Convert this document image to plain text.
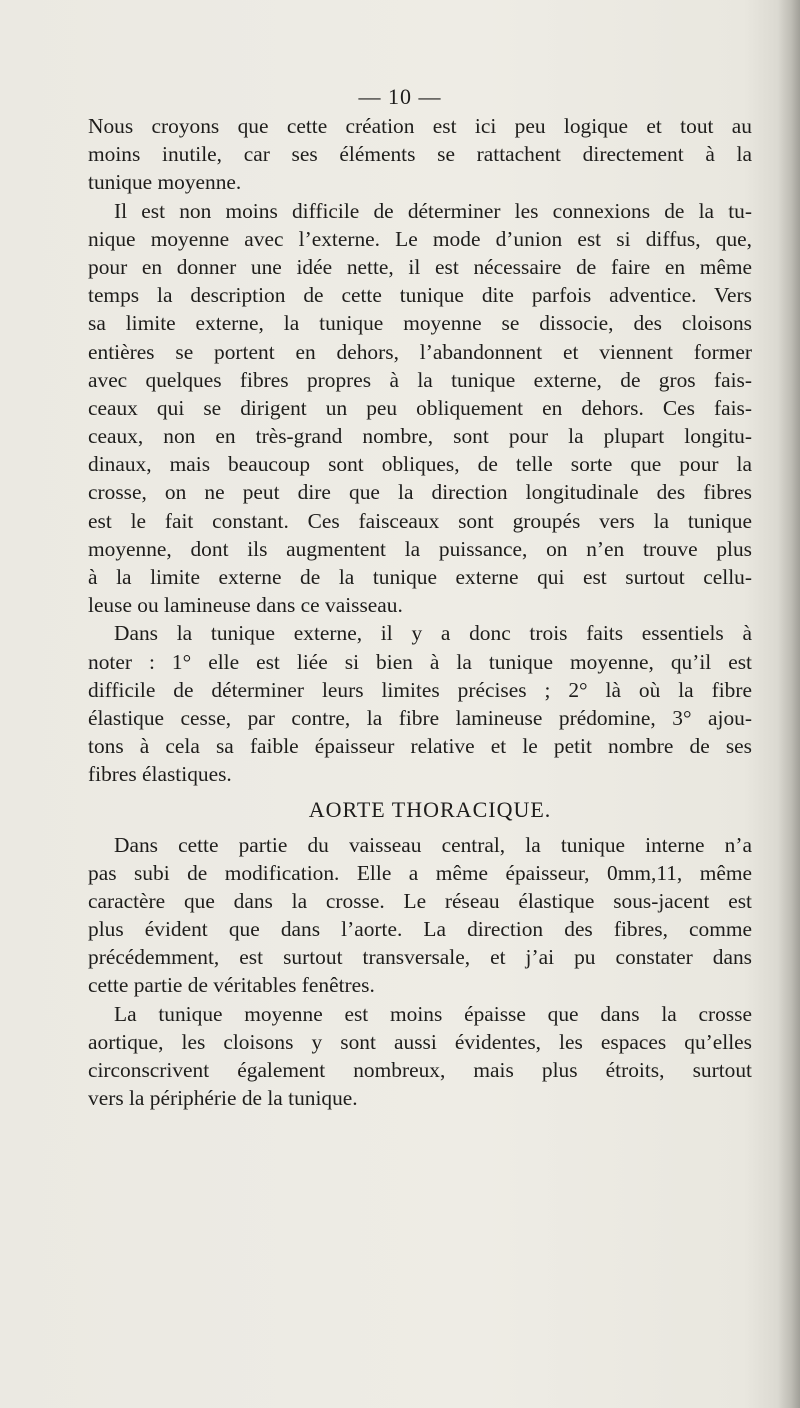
— 10 —
Nous croyons que cette création est ici peu logique et tout au
moins inutile, car ses éléments se rattachent directement à la
tunique moyenne.
Il est non moins difficile de déterminer les connexions de la tu-
nique moyenne avec l’externe. Le mode d’union est si diffus, que,
pour en donner une idée nette, il est nécessaire de faire en même
temps la description de cette tunique dite parfois adventice. Vers
sa limite externe, la tunique moyenne se dissocie, des cloisons
entières se portent en dehors, l’abandonnent et viennent former
avec quelques fibres propres à la tunique externe, de gros fais-
ceaux qui se dirigent un peu obliquement en dehors. Ces fais-
ceaux, non en très-grand nombre, sont pour la plupart longitu-
dinaux, mais beaucoup sont obliques, de telle sorte que pour la
crosse, on ne peut dire que la direction longitudinale des fibres
est le fait constant. Ces faisceaux sont groupés vers la tunique
moyenne, dont ils augmentent la puissance, on n’en trouve plus
à la limite externe de la tunique externe qui est surtout cellu-
leuse ou lamineuse dans ce vaisseau.
Dans la tunique externe, il y a donc trois faits essentiels à
noter : 1° elle est liée si bien à la tunique moyenne, qu’il est
difficile de déterminer leurs limites précises ; 2° là où la fibre
élastique cesse, par contre, la fibre lamineuse prédomine, 3° ajou-
tons à cela sa faible épaisseur relative et le petit nombre de ses
fibres élastiques.
AORTE THORACIQUE.
Dans cette partie du vaisseau central, la tunique interne n’a
pas subi de modification. Elle a même épaisseur, 0mm,11, même
caractère que dans la crosse. Le réseau élastique sous-jacent est
plus évident que dans l’aorte. La direction des fibres, comme
précédemment, est surtout transversale, et j’ai pu constater dans
cette partie de véritables fenêtres.
La tunique moyenne est moins épaisse que dans la crosse
aortique, les cloisons y sont aussi évidentes, les espaces qu’elles
circonscrivent également nombreux, mais plus étroits, surtout
vers la périphérie de la tunique.
